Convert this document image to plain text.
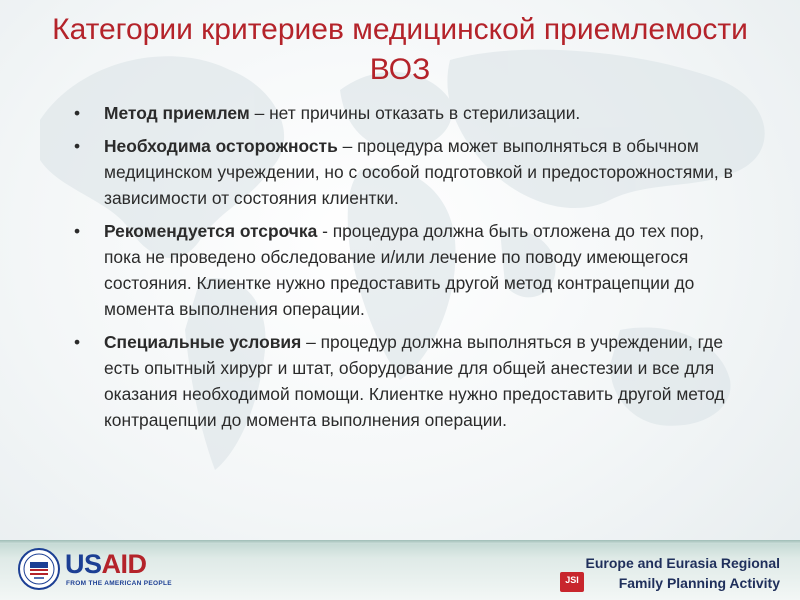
Категории критериев медицинской приемлемости ВОЗ
• Метод приемлем – нет причины отказать в стерилизации.
• Необходима осторожность – процедура может выполняться в обычном медицинском учреждении, но с особой подготовкой и предосторожностями, в зависимости от состояния клиентки.
• Рекомендуется отсрочка - процедура должна быть отложена до тех пор, пока не проведено обследование и/или лечение по поводу имеющегося состояния. Клиентке нужно предоставить другой метод контрацепции до момента выполнения операции.
• Специальные условия – процедур должна выполняться в учреждении, где есть опытный хирург и штат, оборудование для общей анестезии и все для оказания необходимой помощи. Клиентке нужно предоставить другой метод контрацепции до момента выполнения операции.
USAID
FROM THE AMERICAN PEOPLE
Europe and Eurasia Regional
JSI	Family Planning Activity
